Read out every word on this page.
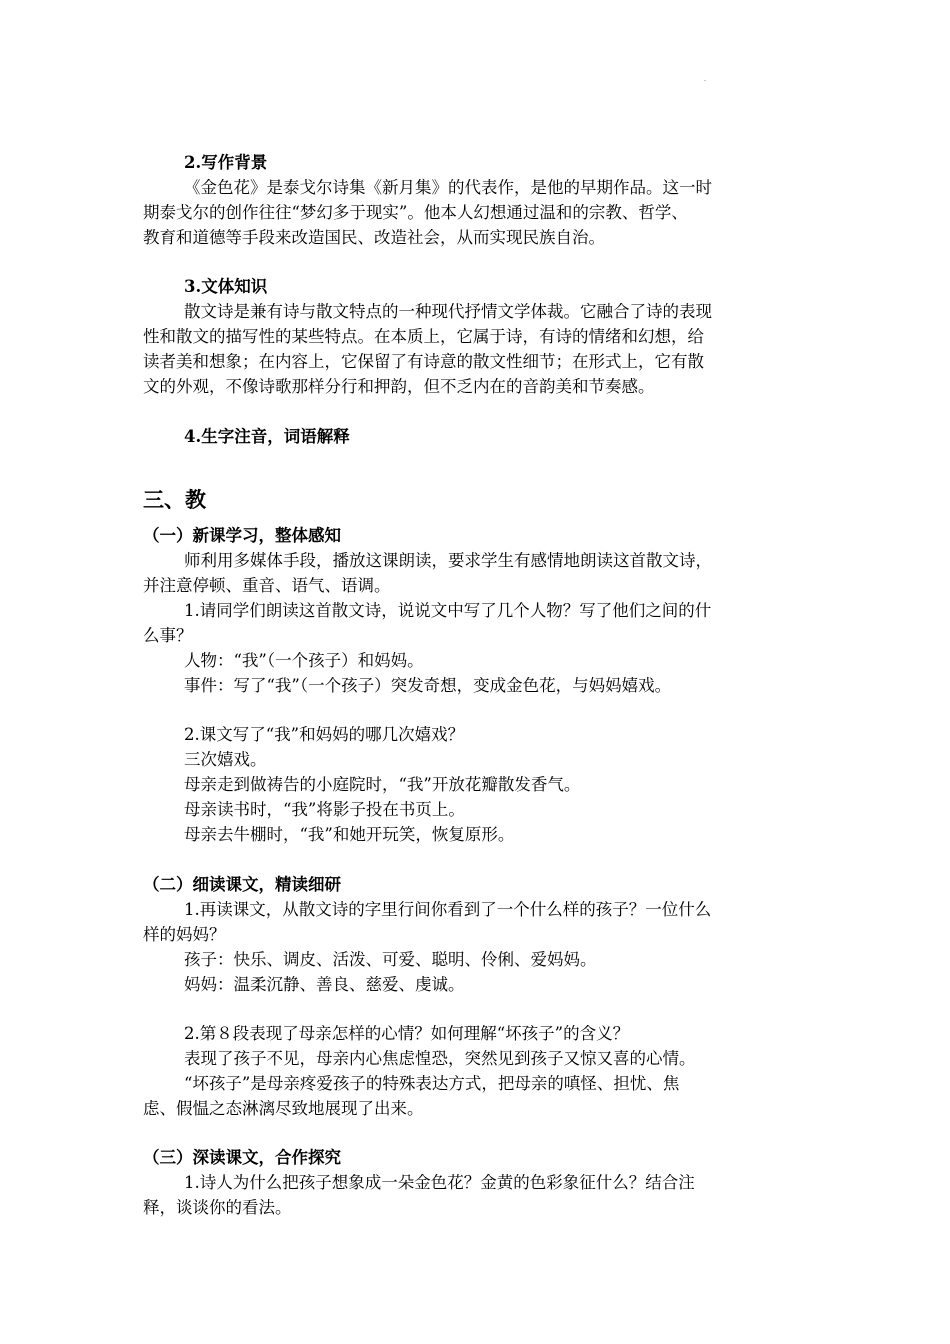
2.写作背景
《金色花》是泰戈尔诗集《新月集》的代表作，是他的早期作品。这一时
期泰戈尔的创作往往“梦幻多于现实”。他本人幻想通过温和的宗教、哲学、
教育和道德等手段来改造国民、改造社会，从而实现民族自治。
3.文体知识
散文诗是兼有诗与散文特点的一种现代抒情文学体裁。它融合了诗的表现
性和散文的描写性的某些特点。在本质上，它属于诗，有诗的情绪和幻想，给
读者美和想象；在内容上，它保留了有诗意的散文性细节；在形式上，它有散
文的外观，不像诗歌那样分行和押韵，但不乏内在的音韵美和节奏感。
4.生字注音，词语解释
三、教
（一）新课学习，整体感知
师利用多媒体手段，播放这课朗读，要求学生有感情地朗读这首散文诗，
并注意停顿、重音、语气、语调。
1.请同学们朗读这首散文诗，说说文中写了几个人物？写了他们之间的什
么事？
人物：“我”（一个孩子）和妈妈。
事件：写了“我”（一个孩子）突发奇想，变成金色花，与妈妈嬉戏。
2.课文写了“我”和妈妈的哪几次嬉戏？
三次嬉戏。
母亲走到做祷告的小庭院时，“我”开放花瓣散发香气。
母亲读书时，“我”将影子投在书页上。
母亲去牛棚时，“我”和她开玩笑，恢复原形。
（二）细读课文，精读细研
1.再读课文，从散文诗的字里行间你看到了一个什么样的孩子？一位什么
样的妈妈？
孩子：快乐、调皮、活泼、可爱、聪明、伶俐、爱妈妈。
妈妈：温柔沉静、善良、慈爱、虔诚。
2.第８段表现了母亲怎样的心情？如何理解“坏孩子”的含义？
表现了孩子不见，母亲内心焦虑惶恐，突然见到孩子又惊又喜的心情。
“坏孩子”是母亲疼爱孩子的特殊表达方式，把母亲的嗔怪、担忧、焦
虑、假愠之态淋漓尽致地展现了出来。
（三）深读课文，合作探究
1.诗人为什么把孩子想象成一朵金色花？金黄的色彩象征什么？结合注
释，谈谈你的看法。
